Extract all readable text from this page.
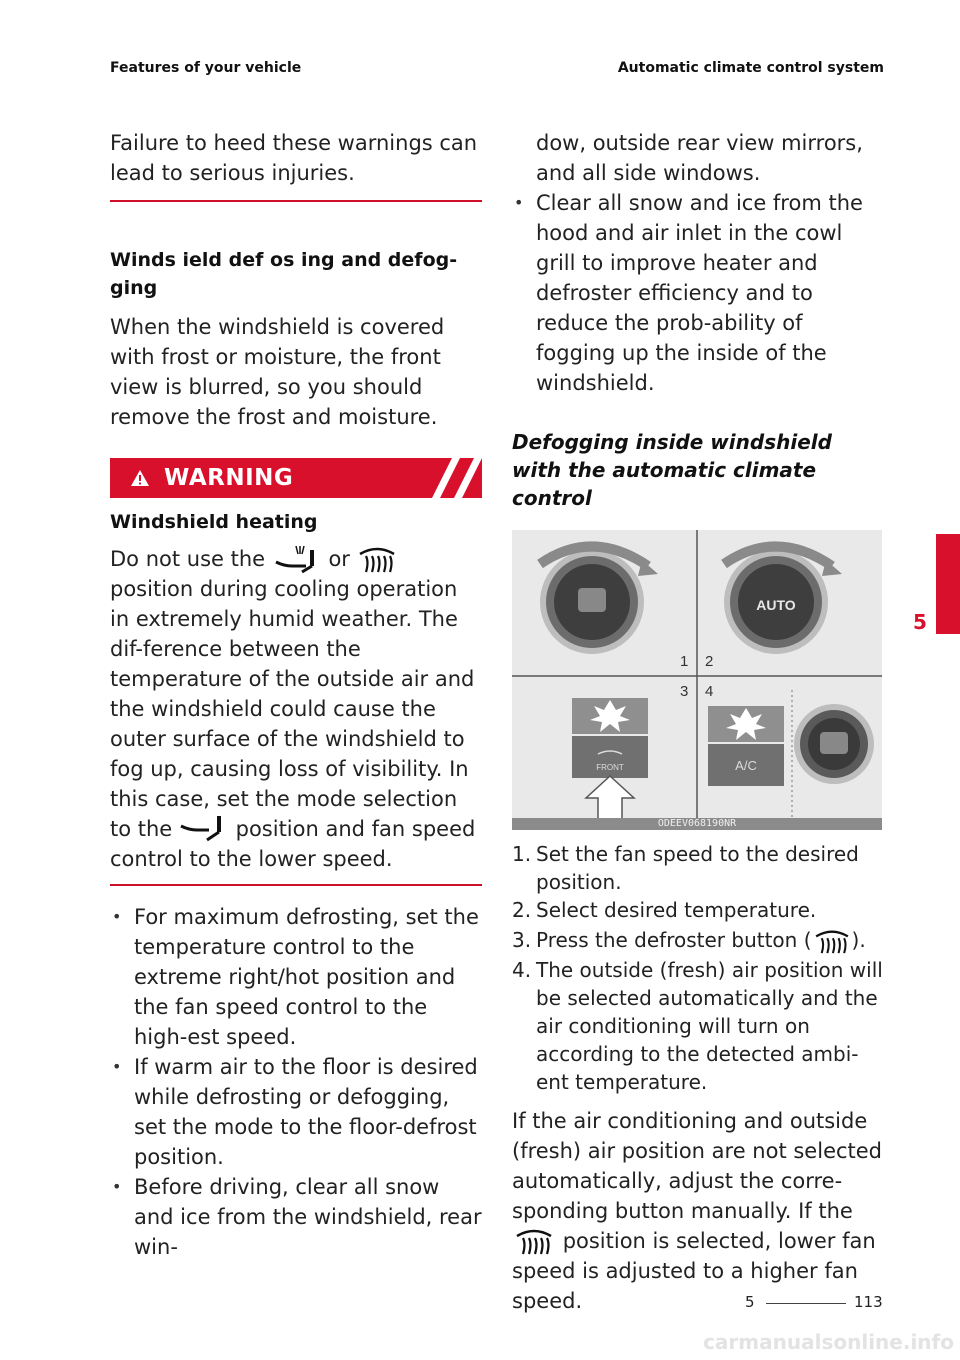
Features of your vehicle	Automatic climate control system

Failure to heed these warnings can lead to serious injuries.

Winds ield def os ing and defog-ging

When the windshield is covered with frost or moisture, the front view is blurred, so you should remove the frost and moisture.

WARNING

Windshield heating

Do not use the	or  position during cooling operation in extremely humid weather. The dif-ference between the temperature of the outside air and the windshield could cause the outer surface of the windshield to fog up, causing loss of visibility. In this case, set the mode selection to the	position and fan speed control to the lower speed.

• For maximum defrosting, set the temperature control to the extreme right/hot position and the fan speed control to the high-est speed.
• If warm air to the floor is desired while defrosting or defogging, set the mode to the floor-defrost position.
• Before driving, clear all snow and ice from the windshield, rear win-

dow, outside rear view mirrors, and all side windows.

• Clear all snow and ice from the hood and air inlet in the cowl grill to improve heater and defroster efficiency and to reduce the prob-ability of fogging up the inside of the windshield.

Defogging inside windshield with the automatic climate control

AUTO
1 2
3 4
FRONT	A/C
ODEEV068190NR
1. Set the fan speed to the desired position.
2. Select desired temperature.
3. Press the defroster button ( ).
4. The outside (fresh) air position will be selected automatically and the air conditioning will turn on according to the detected ambi-ent temperature.

If the air conditioning and outside (fresh) air position are not selected automatically, adjust the corre-sponding button manually. If the  position is selected, lower fan speed is adjusted to a higher fan speed.

5
5	113
carmanualsonline.info
